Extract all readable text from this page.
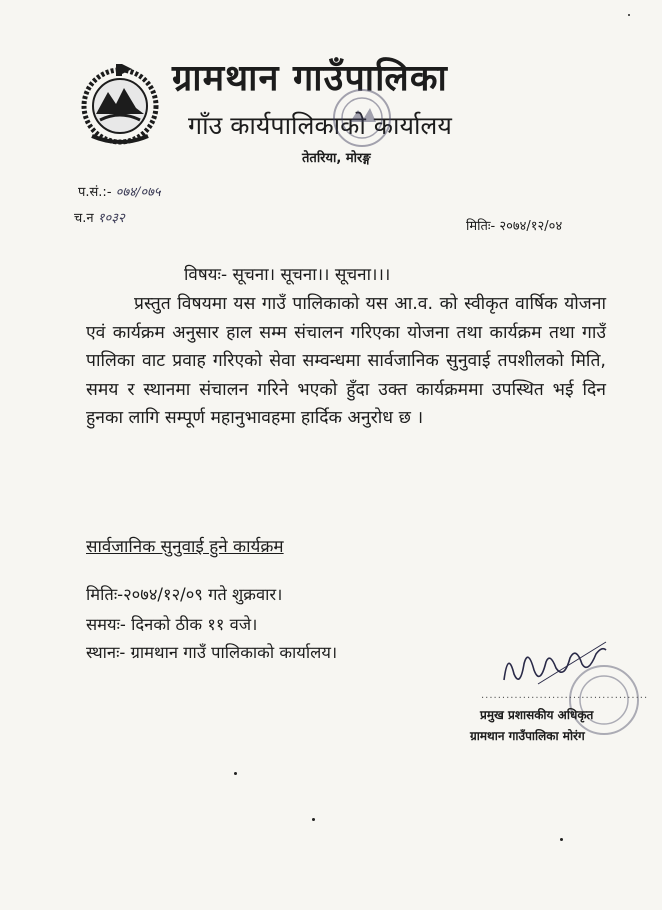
ग्रामथान गाउँपालिका
गाँउ कार्यपालिकाको कार्यालय
तेतरिया, मोरङ्ग
प.सं.:- ०७४/०७५
च.न १०३२
मितिः- २०७४/१२/०४
विषयः- सूचना। सूचना।। सूचना।।।

प्रस्तुत विषयमा यस गाउँ पालिकाको यस आ.व. को स्वीकृत वार्षिक योजना एवं कार्यक्रम अनुसार हाल सम्म संचालन गरिएका योजना तथा कार्यक्रम तथा गाउँ पालिका वाट प्रवाह गरिएको सेवा सम्वन्धमा सार्वजानिक सुनुवाई तपशीलको मिति, समय र स्थानमा संचालन गरिने भएको हुँदा उक्त कार्यक्रममा उपस्थित भई दिन हुनका लागि सम्पूर्ण महानुभावहमा हार्दिक अनुरोध छ ।

सार्वजानिक सुनुवाई हुने कार्यक्रम
मितिः-२०७४/१२/०९ गते शुक्रवार।
समयः- दिनको ठीक ११ वजे।
स्थानः- ग्रामथान गाउँ पालिकाको कार्यालय।
........................................
प्रमुख प्रशासकीय अधिकृत
ग्रामथान गाउँपालिका मोरंग
